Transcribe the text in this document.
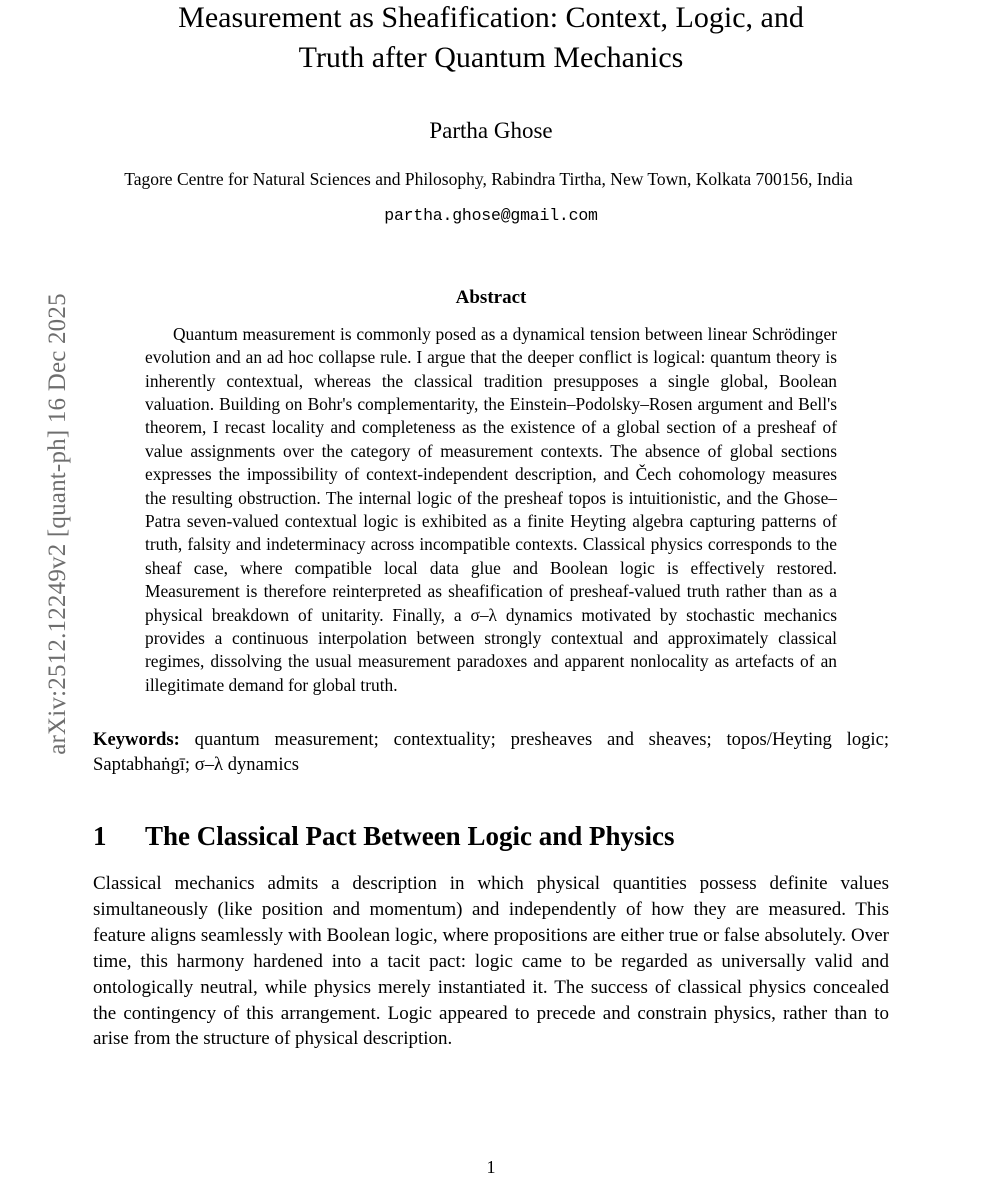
arXiv:2512.12249v2 [quant-ph] 16 Dec 2025
Measurement as Sheafification: Context, Logic, and
Truth after Quantum Mechanics
Partha Ghose
Tagore Centre for Natural Sciences and Philosophy, Rabindra Tirtha, New Town, Kolkata 700156, India
partha.ghose@gmail.com
Abstract
Quantum measurement is commonly posed as a dynamical tension between linear Schrödinger evolution and an ad hoc collapse rule. I argue that the deeper conflict is logical: quantum theory is inherently contextual, whereas the classical tradition presupposes a single global, Boolean valuation. Building on Bohr's complementarity, the Einstein–Podolsky–Rosen argument and Bell's theorem, I recast locality and completeness as the existence of a global section of a presheaf of value assignments over the category of measurement contexts. The absence of global sections expresses the impossibility of context-independent description, and Čech cohomology measures the resulting obstruction. The internal logic of the presheaf topos is intuitionistic, and the Ghose–Patra seven-valued contextual logic is exhibited as a finite Heyting algebra capturing patterns of truth, falsity and indeterminacy across incompatible contexts. Classical physics corresponds to the sheaf case, where compatible local data glue and Boolean logic is effectively restored. Measurement is therefore reinterpreted as sheafification of presheaf-valued truth rather than as a physical breakdown of unitarity. Finally, a σ–λ dynamics motivated by stochastic mechanics provides a continuous interpolation between strongly contextual and approximately classical regimes, dissolving the usual measurement paradoxes and apparent nonlocality as artefacts of an illegitimate demand for global truth.
Keywords: quantum measurement; contextuality; presheaves and sheaves; topos/Heyting logic; Saptabhaṅgī; σ–λ dynamics
1	The Classical Pact Between Logic and Physics
Classical mechanics admits a description in which physical quantities possess definite values simultaneously (like position and momentum) and independently of how they are measured. This feature aligns seamlessly with Boolean logic, where propositions are either true or false absolutely. Over time, this harmony hardened into a tacit pact: logic came to be regarded as universally valid and ontologically neutral, while physics merely instantiated it. The success of classical physics concealed the contingency of this arrangement. Logic appeared to precede and constrain physics, rather than to arise from the structure of physical description.
1
